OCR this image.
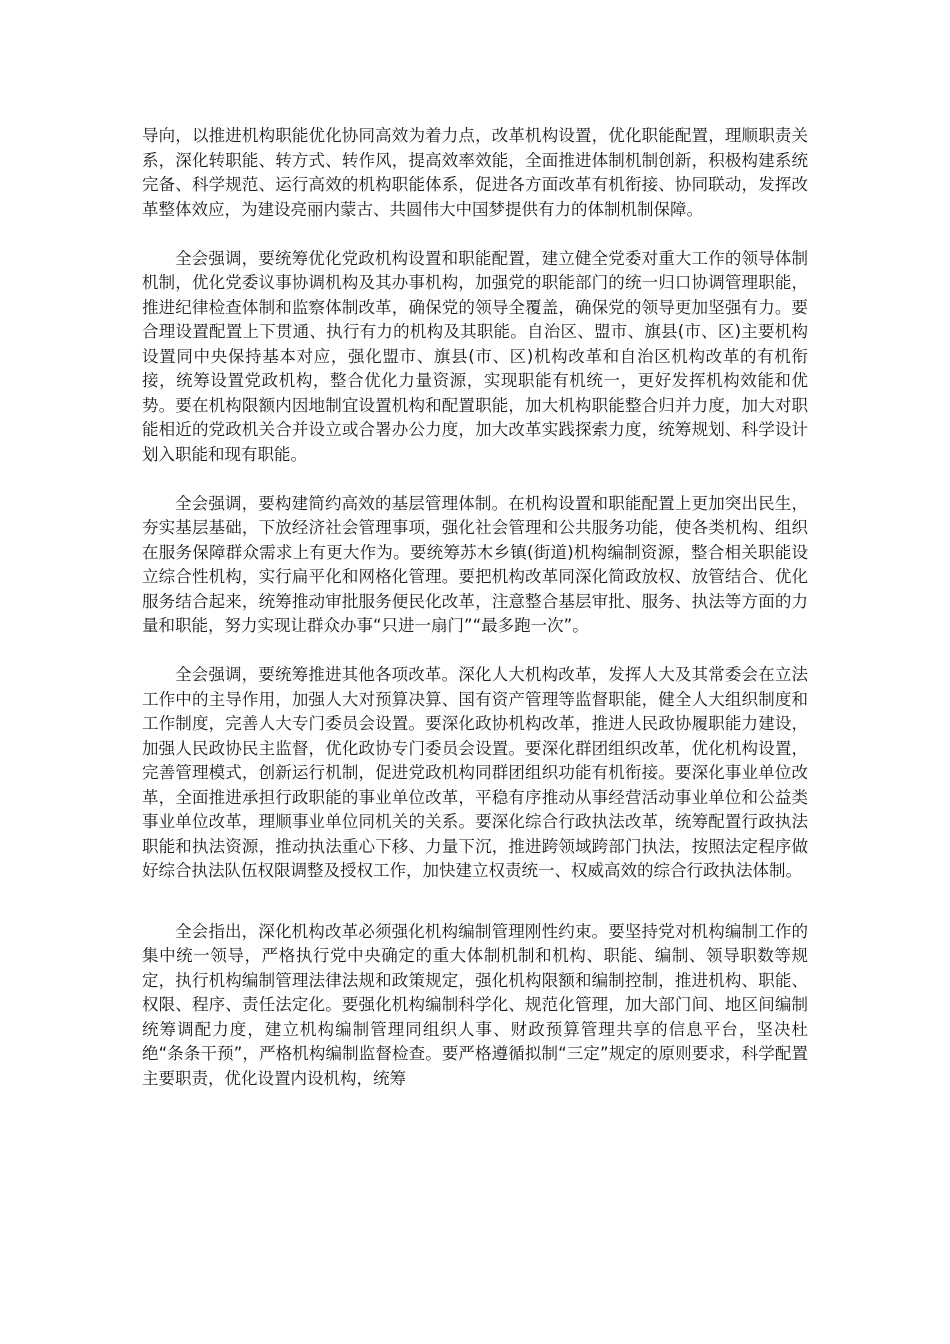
导向，以推进机构职能优化协同高效为着力点，改革机构设置，优化职能配置，理顺职责关系，深化转职能、转方式、转作风，提高效率效能，全面推进体制机制创新，积极构建系统完备、科学规范、运行高效的机构职能体系，促进各方面改革有机衔接、协同联动，发挥改革整体效应，为建设亮丽内蒙古、共圆伟大中国梦提供有力的体制机制保障。

全会强调，要统筹优化党政机构设置和职能配置，建立健全党委对重大工作的领导体制机制，优化党委议事协调机构及其办事机构，加强党的职能部门的统一归口协调管理职能，推进纪律检查体制和监察体制改革，确保党的领导全覆盖，确保党的领导更加坚强有力。要合理设置配置上下贯通、执行有力的机构及其职能。自治区、盟市、旗县(市、区)主要机构设置同中央保持基本对应，强化盟市、旗县(市、区)机构改革和自治区机构改革的有机衔接，统筹设置党政机构，整合优化力量资源，实现职能有机统一，更好发挥机构效能和优势。要在机构限额内因地制宜设置机构和配置职能，加大机构职能整合归并力度，加大对职能相近的党政机关合并设立或合署办公力度，加大改革实践探索力度，统筹规划、科学设计划入职能和现有职能。

全会强调，要构建简约高效的基层管理体制。在机构设置和职能配置上更加突出民生，夯实基层基础，下放经济社会管理事项，强化社会管理和公共服务功能，使各类机构、组织在服务保障群众需求上有更大作为。要统筹苏木乡镇(街道)机构编制资源，整合相关职能设立综合性机构，实行扁平化和网格化管理。要把机构改革同深化简政放权、放管结合、优化服务结合起来，统筹推动审批服务便民化改革，注意整合基层审批、服务、执法等方面的力量和职能，努力实现让群众办事“只进一扇门”“最多跑一次”。

全会强调，要统筹推进其他各项改革。深化人大机构改革，发挥人大及其常委会在立法工作中的主导作用，加强人大对预算决算、国有资产管理等监督职能，健全人大组织制度和工作制度，完善人大专门委员会设置。要深化政协机构改革，推进人民政协履职能力建设，加强人民政协民主监督，优化政协专门委员会设置。要深化群团组织改革，优化机构设置，完善管理模式，创新运行机制，促进党政机构同群团组织功能有机衔接。要深化事业单位改革，全面推进承担行政职能的事业单位改革，平稳有序推动从事经营活动事业单位和公益类事业单位改革，理顺事业单位同机关的关系。要深化综合行政执法改革，统筹配置行政执法职能和执法资源，推动执法重心下移、力量下沉，推进跨领域跨部门执法，按照法定程序做好综合执法队伍权限调整及授权工作，加快建立权责统一、权威高效的综合行政执法体制。

全会指出，深化机构改革必须强化机构编制管理刚性约束。要坚持党对机构编制工作的集中统一领导，严格执行党中央确定的重大体制机制和机构、职能、编制、领导职数等规定，执行机构编制管理法律法规和政策规定，强化机构限额和编制控制，推进机构、职能、权限、程序、责任法定化。要强化机构编制科学化、规范化管理，加大部门间、地区间编制统筹调配力度，建立机构编制管理同组织人事、财政预算管理共享的信息平台，坚决杜绝“条条干预”，严格机构编制监督检查。要严格遵循拟制“三定”规定的原则要求，科学配置主要职责，优化设置内设机构，统筹
